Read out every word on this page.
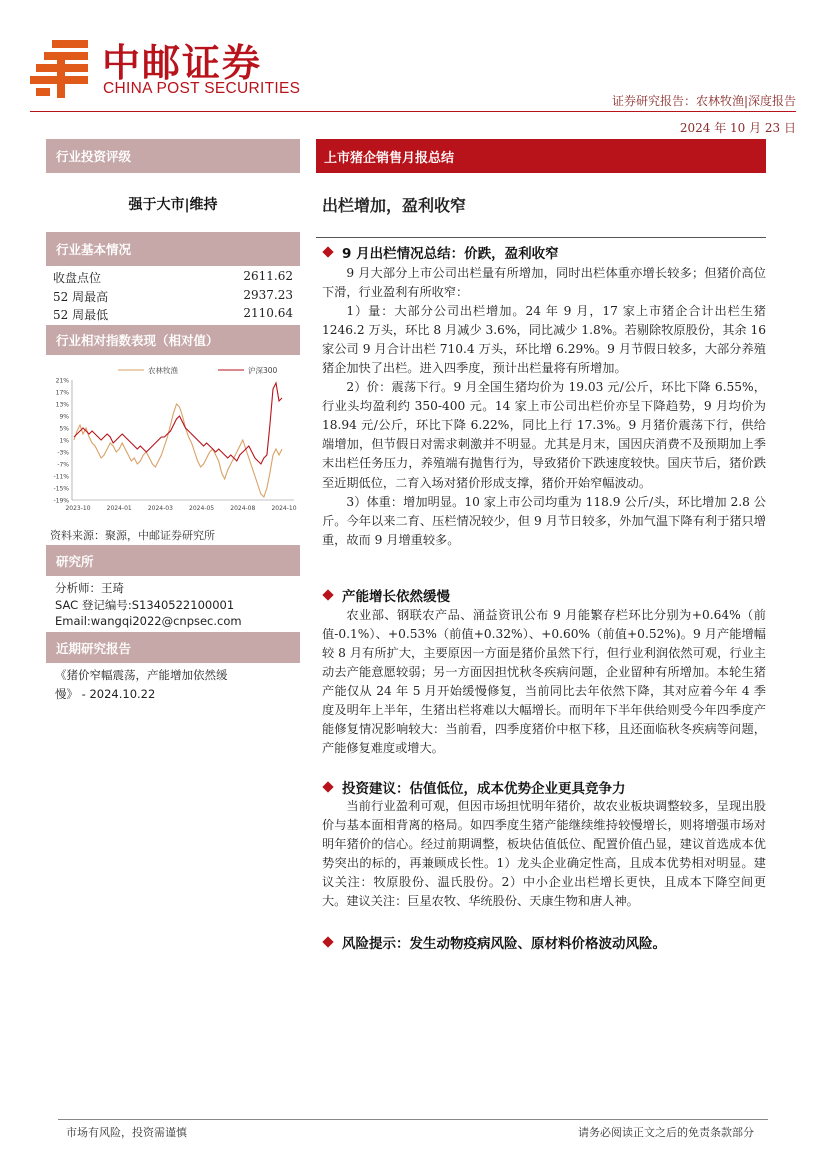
中邮证券
CHINA POST SECURITIES
证券研究报告：农林牧渔|深度报告
2024 年 10 月 23 日
行业投资评级
强于大市|维持
行业基本情况
收盘点位	2611.62
52 周最高	2937.23
52 周最低	2110.64
行业相对指数表现（相对值）
21%
17%
13%
9%
5%
1%
-3%
-7%
-11%
-15%
-19%
2023-10	2024-01	2024-03	2024-05	2024-08	2024-10
农林牧渔	沪深300
资料来源：聚源，中邮证券研究所
研究所
分析师：王琦
SAC 登记编号:S1340522100001
Email:wangqi2022@cnpsec.com
近期研究报告
《猪价窄幅震荡，产能增加依然缓
慢》 - 2024.10.22
上市猪企销售月报总结
出栏增加，盈利收窄
9 月出栏情况总结：价跌，盈利收窄

9 月大部分上市公司出栏量有所增加，同时出栏体重亦增长较多；但猪价高位下滑，行业盈利有所收窄：

1）量：大部分公司出栏增加。24 年 9 月，17 家上市猪企合计出栏生猪 1246.2 万头，环比 8 月减少 3.6%，同比减少 1.8%。若剔除牧原股份，其余 16 家公司 9 月合计出栏 710.4 万头，环比增 6.29%。9 月节假日较多，大部分养殖猪企加快了出栏。进入四季度，预计出栏量将有所增加。

2）价：震荡下行。9 月全国生猪均价为 19.03 元/公斤，环比下降 6.55%，行业头均盈利约 350-400 元。14 家上市公司出栏价亦呈下降趋势，9 月均价为 18.94 元/公斤，环比下降 6.22%，同比上行 17.3%。9 月猪价震荡下行，供给端增加，但节假日对需求刺激并不明显。尤其是月末，国因庆消费不及预期加上季末出栏任务压力，养殖端有抛售行为，导致猪价下跌速度较快。国庆节后，猪价跌至近期低位，二育入场对猪价形成支撑，猪价开始窄幅波动。

3）体重：增加明显。10 家上市公司均重为 118.9 公斤/头，环比增加 2.8 公斤。今年以来二育、压栏情况较少，但 9 月节日较多，外加气温下降有利于猪只增重，故而 9 月增重较多。

产能增长依然缓慢

农业部、钢联农产品、涌益资讯公布 9 月能繁存栏环比分别为+0.64%（前值-0.1%）、+0.53%（前值+0.32%）、+0.60%（前值+0.52%)。9 月产能增幅较 8 月有所扩大，主要原因一方面是猪价虽然下行，但行业利润依然可观，行业主动去产能意愿较弱；另一方面因担忧秋冬疾病问题，企业留种有所增加。本轮生猪产能仅从 24 年 5 月开始缓慢修复，当前同比去年依然下降，其对应着今年 4 季度及明年上半年，生猪出栏将难以大幅增长。而明年下半年供给则受今年四季度产能修复情况影响较大：当前看，四季度猪价中枢下移，且还面临秋冬疾病等问题，产能修复难度或增大。

投资建议：估值低位，成本优势企业更具竞争力

当前行业盈利可观，但因市场担忧明年猪价，故农业板块调整较多，呈现出股价与基本面相背离的格局。如四季度生猪产能继续维持较慢增长，则将增强市场对明年猪价的信心。经过前期调整，板块估值低位、配置价值凸显，建议首选成本优势突出的标的，再兼顾成长性。1）龙头企业确定性高，且成本优势相对明显。建议关注：牧原股份、温氏股份。2）中小企业出栏增长更快，且成本下降空间更大。建议关注：巨星农牧、华统股份、天康生物和唐人神。

风险提示：发生动物疫病风险、原材料价格波动风险。
市场有风险，投资需谨慎	请务必阅读正文之后的免责条款部分
